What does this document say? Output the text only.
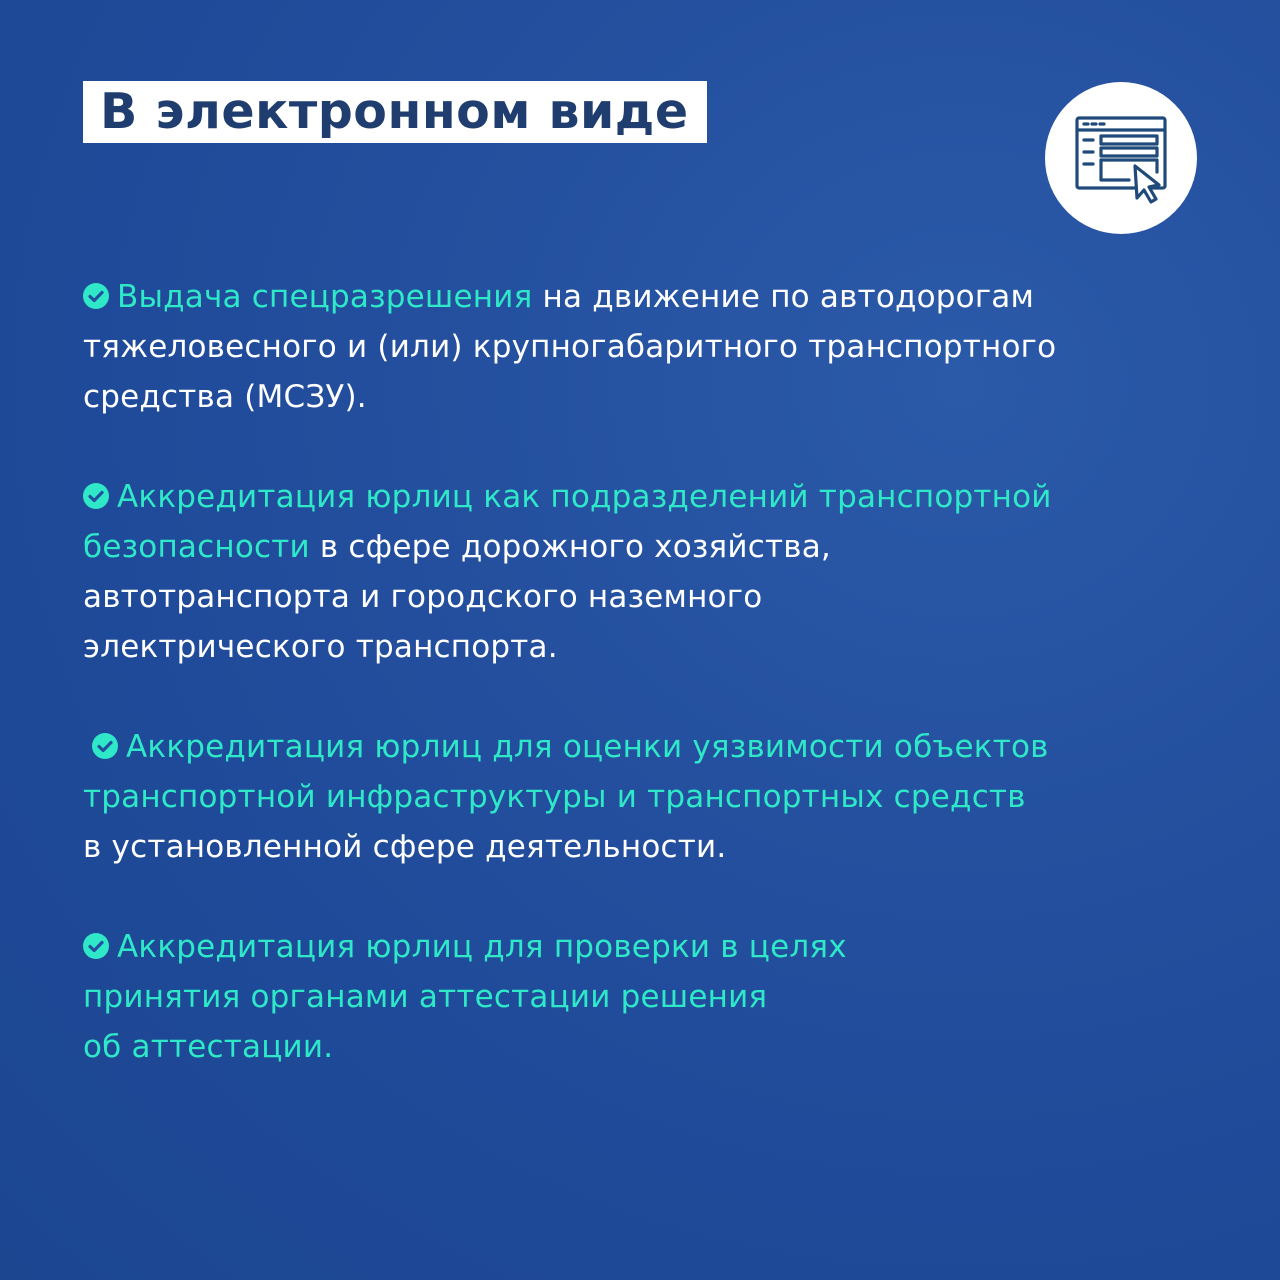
В электронном виде
Выдача спецразрешения на движение по автодорогам
тяжеловесного и (или) крупногабаритного транспортного
средства (МСЗУ).
Аккредитация юрлиц как подразделений транспортной
безопасности в сфере дорожного хозяйства,
автотранспорта и городского наземного
электрического транспорта.
Аккредитация юрлиц для оценки уязвимости объектов
транспортной инфраструктуры и транспортных средств
в установленной сфере деятельности.
Аккредитация юрлиц для проверки в целях
принятия органами аттестации решения
об аттестации.
